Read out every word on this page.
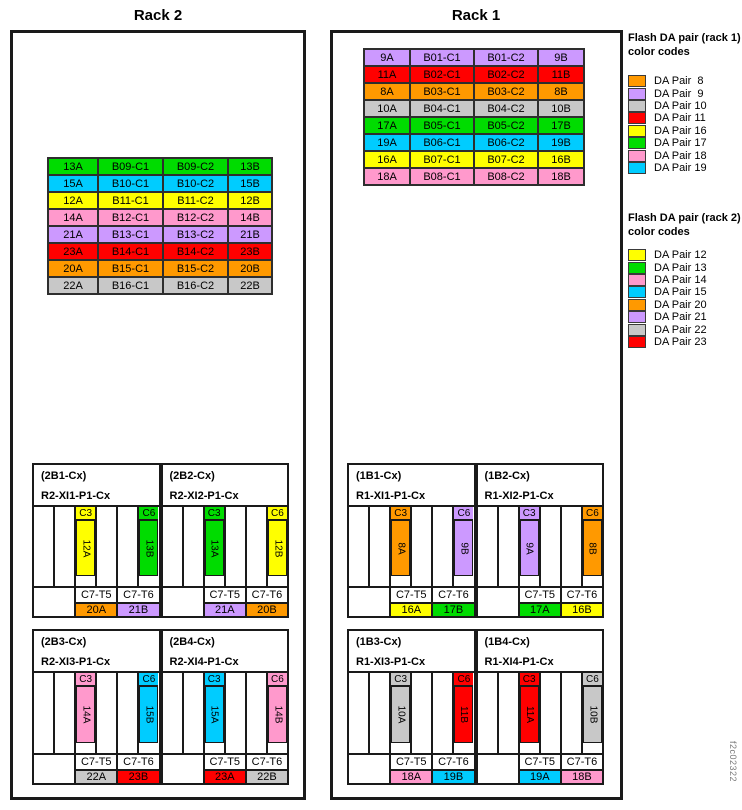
Rack 2	Rack 1
13A	B09-C1	B09-C2	13B
15A	B10-C1	B10-C2	15B
12A	B11-C1	B11-C2	12B
14A	B12-C1	B12-C2	14B
21A	B13-C1	B13-C2	21B
23A	B14-C1	B14-C2	23B
20A	B15-C1	B15-C2	20B
22A	B16-C1	B16-C2	22B
9A	B01-C1	B01-C2	9B
11A	B02-C1	B02-C2	11B
8A	B03-C1	B03-C2	8B
10A	B04-C1	B04-C2	10B
17A	B05-C1	B05-C2	17B
19A	B06-C1	B06-C2	19B
16A	B07-C1	B07-C2	16B
18A	B08-C1	B08-C2	18B
(2B1-Cx)
R2-XI1-P1-Cx
C3
12A
C6
13B
C7-T5
20A
C7-T6
21B
(2B2-Cx)
R2-XI2-P1-Cx
C3
13A
C6
12B
C7-T5
21A
C7-T6
20B
(2B3-Cx)
R2-XI3-P1-Cx
C3
14A
C6
15B
C7-T5
22A
C7-T6
23B
(2B4-Cx)
R2-XI4-P1-Cx
C3
15A
C6
14B
C7-T5
23A
C7-T6
22B
(1B1-Cx)
R1-XI1-P1-Cx
C3
8A
C6
9B
C7-T5
16A
C7-T6
17B
(1B2-Cx)
R1-XI2-P1-Cx
C3
9A
C6
8B
C7-T5
17A
C7-T6
16B
(1B3-Cx)
R1-XI3-P1-Cx
C3
10A
C6
11B
C7-T5
18A
C7-T6
19B
(1B4-Cx)
R1-XI4-P1-Cx
C3
11A
C6
10B
C7-T5
19A
C7-T6
18B
Flash DA pair (rack 1)
color codes
DA Pair  8
DA Pair  9
DA Pair 10
DA Pair 11
DA Pair 16
DA Pair 17
DA Pair 18
DA Pair 19
Flash DA pair (rack 2)
color codes
DA Pair 12
DA Pair 13
DA Pair 14
DA Pair 15
DA Pair 20
DA Pair 21
DA Pair 22
DA Pair 23
f2c02322
